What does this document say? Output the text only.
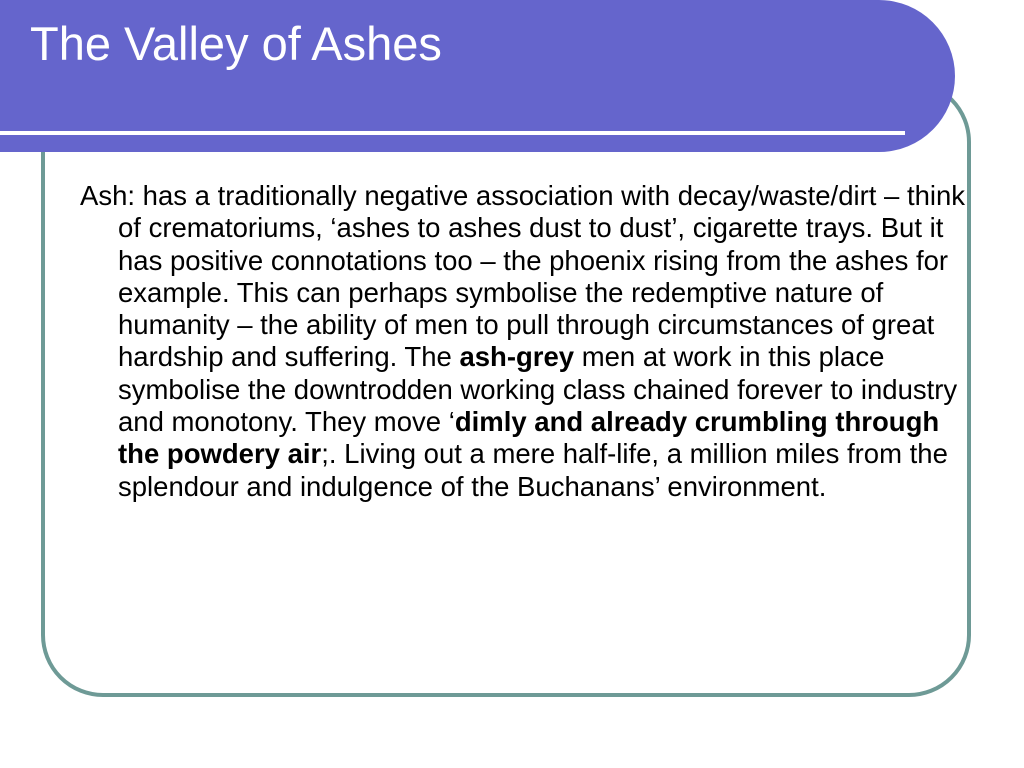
The Valley of Ashes

Ash: has a traditionally negative association with decay/waste/dirt – think of crematoriums, ‘ashes to ashes dust to dust’, cigarette trays. But it has positive connotations too – the phoenix rising from the ashes for example. This can perhaps symbolise the redemptive nature of humanity – the ability of men to pull through circumstances of great hardship and suffering. The ash-grey men at work in this place symbolise the downtrodden working class chained forever to industry and monotony. They move ‘dimly and already crumbling through the powdery air;. Living out a mere half-life, a million miles from the splendour and indulgence of the Buchanans’ environment.
